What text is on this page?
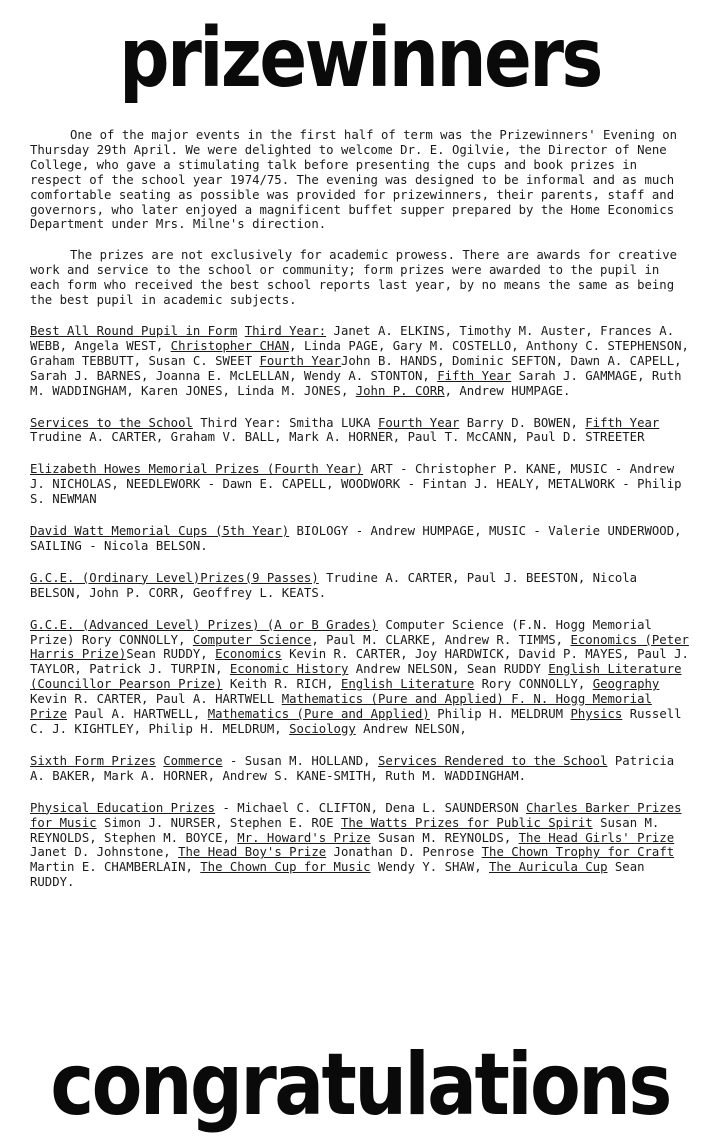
prizewinners

One of the major events in the first half of term was the Prizewinners' Evening on Thursday 29th April. We were delighted to welcome Dr. E. Ogilvie, the Director of Nene College, who gave a stimulating talk before presenting the cups and book prizes in respect of the school year 1974/75. The evening was designed to be informal and as much comfortable seating as possible was provided for prizewinners, their parents, staff and governors, who later enjoyed a magnificent buffet supper prepared by the Home Economics Department under Mrs. Milne's direction.

The prizes are not exclusively for academic prowess. There are awards for creative work and service to the school or community; form prizes were awarded to the pupil in each form who received the best school reports last year, by no means the same as being the best pupil in academic subjects.

Best All Round Pupil in Form Third Year: Janet A. ELKINS, Timothy M. Auster, Frances A. WEBB, Angela WEST, Christopher CHAN, Linda PAGE, Gary M. COSTELLO, Anthony C. STEPHENSON, Graham TEBBUTT, Susan C. SWEET Fourth YearJohn B. HANDS, Dominic SEFTON, Dawn A. CAPELL, Sarah J. BARNES, Joanna E. McLELLAN, Wendy A. STONTON, Fifth Year Sarah J. GAMMAGE, Ruth M. WADDINGHAM, Karen JONES, Linda M. JONES, John P. CORR, Andrew HUMPAGE.
Services to the School Third Year: Smitha LUKA Fourth Year Barry D. BOWEN, Fifth Year Trudine A. CARTER, Graham V. BALL, Mark A. HORNER, Paul T. McCANN, Paul D. STREETER
Elizabeth Howes Memorial Prizes (Fourth Year) ART - Christopher P. KANE, MUSIC - Andrew J. NICHOLAS, NEEDLEWORK - Dawn E. CAPELL, WOODWORK - Fintan J. HEALY, METALWORK - Philip S. NEWMAN
David Watt Memorial Cups (5th Year) BIOLOGY - Andrew HUMPAGE, MUSIC - Valerie UNDERWOOD, SAILING - Nicola BELSON.
G.C.E. (Ordinary Level)Prizes(9 Passes) Trudine A. CARTER, Paul J. BEESTON, Nicola BELSON, John P. CORR, Geoffrey L. KEATS.
G.C.E. (Advanced Level) Prizes) (A or B Grades) Computer Science (F.N. Hogg Memorial Prize) Rory CONNOLLY, Computer Science, Paul M. CLARKE, Andrew R. TIMMS, Economics (Peter Harris Prize)Sean RUDDY, Economics Kevin R. CARTER, Joy HARDWICK, David P. MAYES, Paul J. TAYLOR, Patrick J. TURPIN, Economic History Andrew NELSON, Sean RUDDY English Literature (Councillor Pearson Prize) Keith R. RICH, English Literature Rory CONNOLLY, Geography Kevin R. CARTER, Paul A. HARTWELL Mathematics (Pure and Applied) F. N. Hogg Memorial Prize Paul A. HARTWELL, Mathematics (Pure and Applied) Philip H. MELDRUM Physics Russell C. J. KIGHTLEY, Philip H. MELDRUM, Sociology Andrew NELSON,
Sixth Form Prizes Commerce - Susan M. HOLLAND, Services Rendered to the School Patricia A. BAKER, Mark A. HORNER, Andrew S. KANE-SMITH, Ruth M. WADDINGHAM.
Physical Education Prizes - Michael C. CLIFTON, Dena L. SAUNDERSON Charles Barker Prizes for Music Simon J. NURSER, Stephen E. ROE The Watts Prizes for Public Spirit Susan M. REYNOLDS, Stephen M. BOYCE, Mr. Howard's Prize Susan M. REYNOLDS, The Head Girls' Prize Janet D. Johnstone, The Head Boy's Prize Jonathan D. Penrose The Chown Trophy for Craft Martin E. CHAMBERLAIN, The Chown Cup for Music Wendy Y. SHAW, The Auricula Cup Sean RUDDY.
congratulations
